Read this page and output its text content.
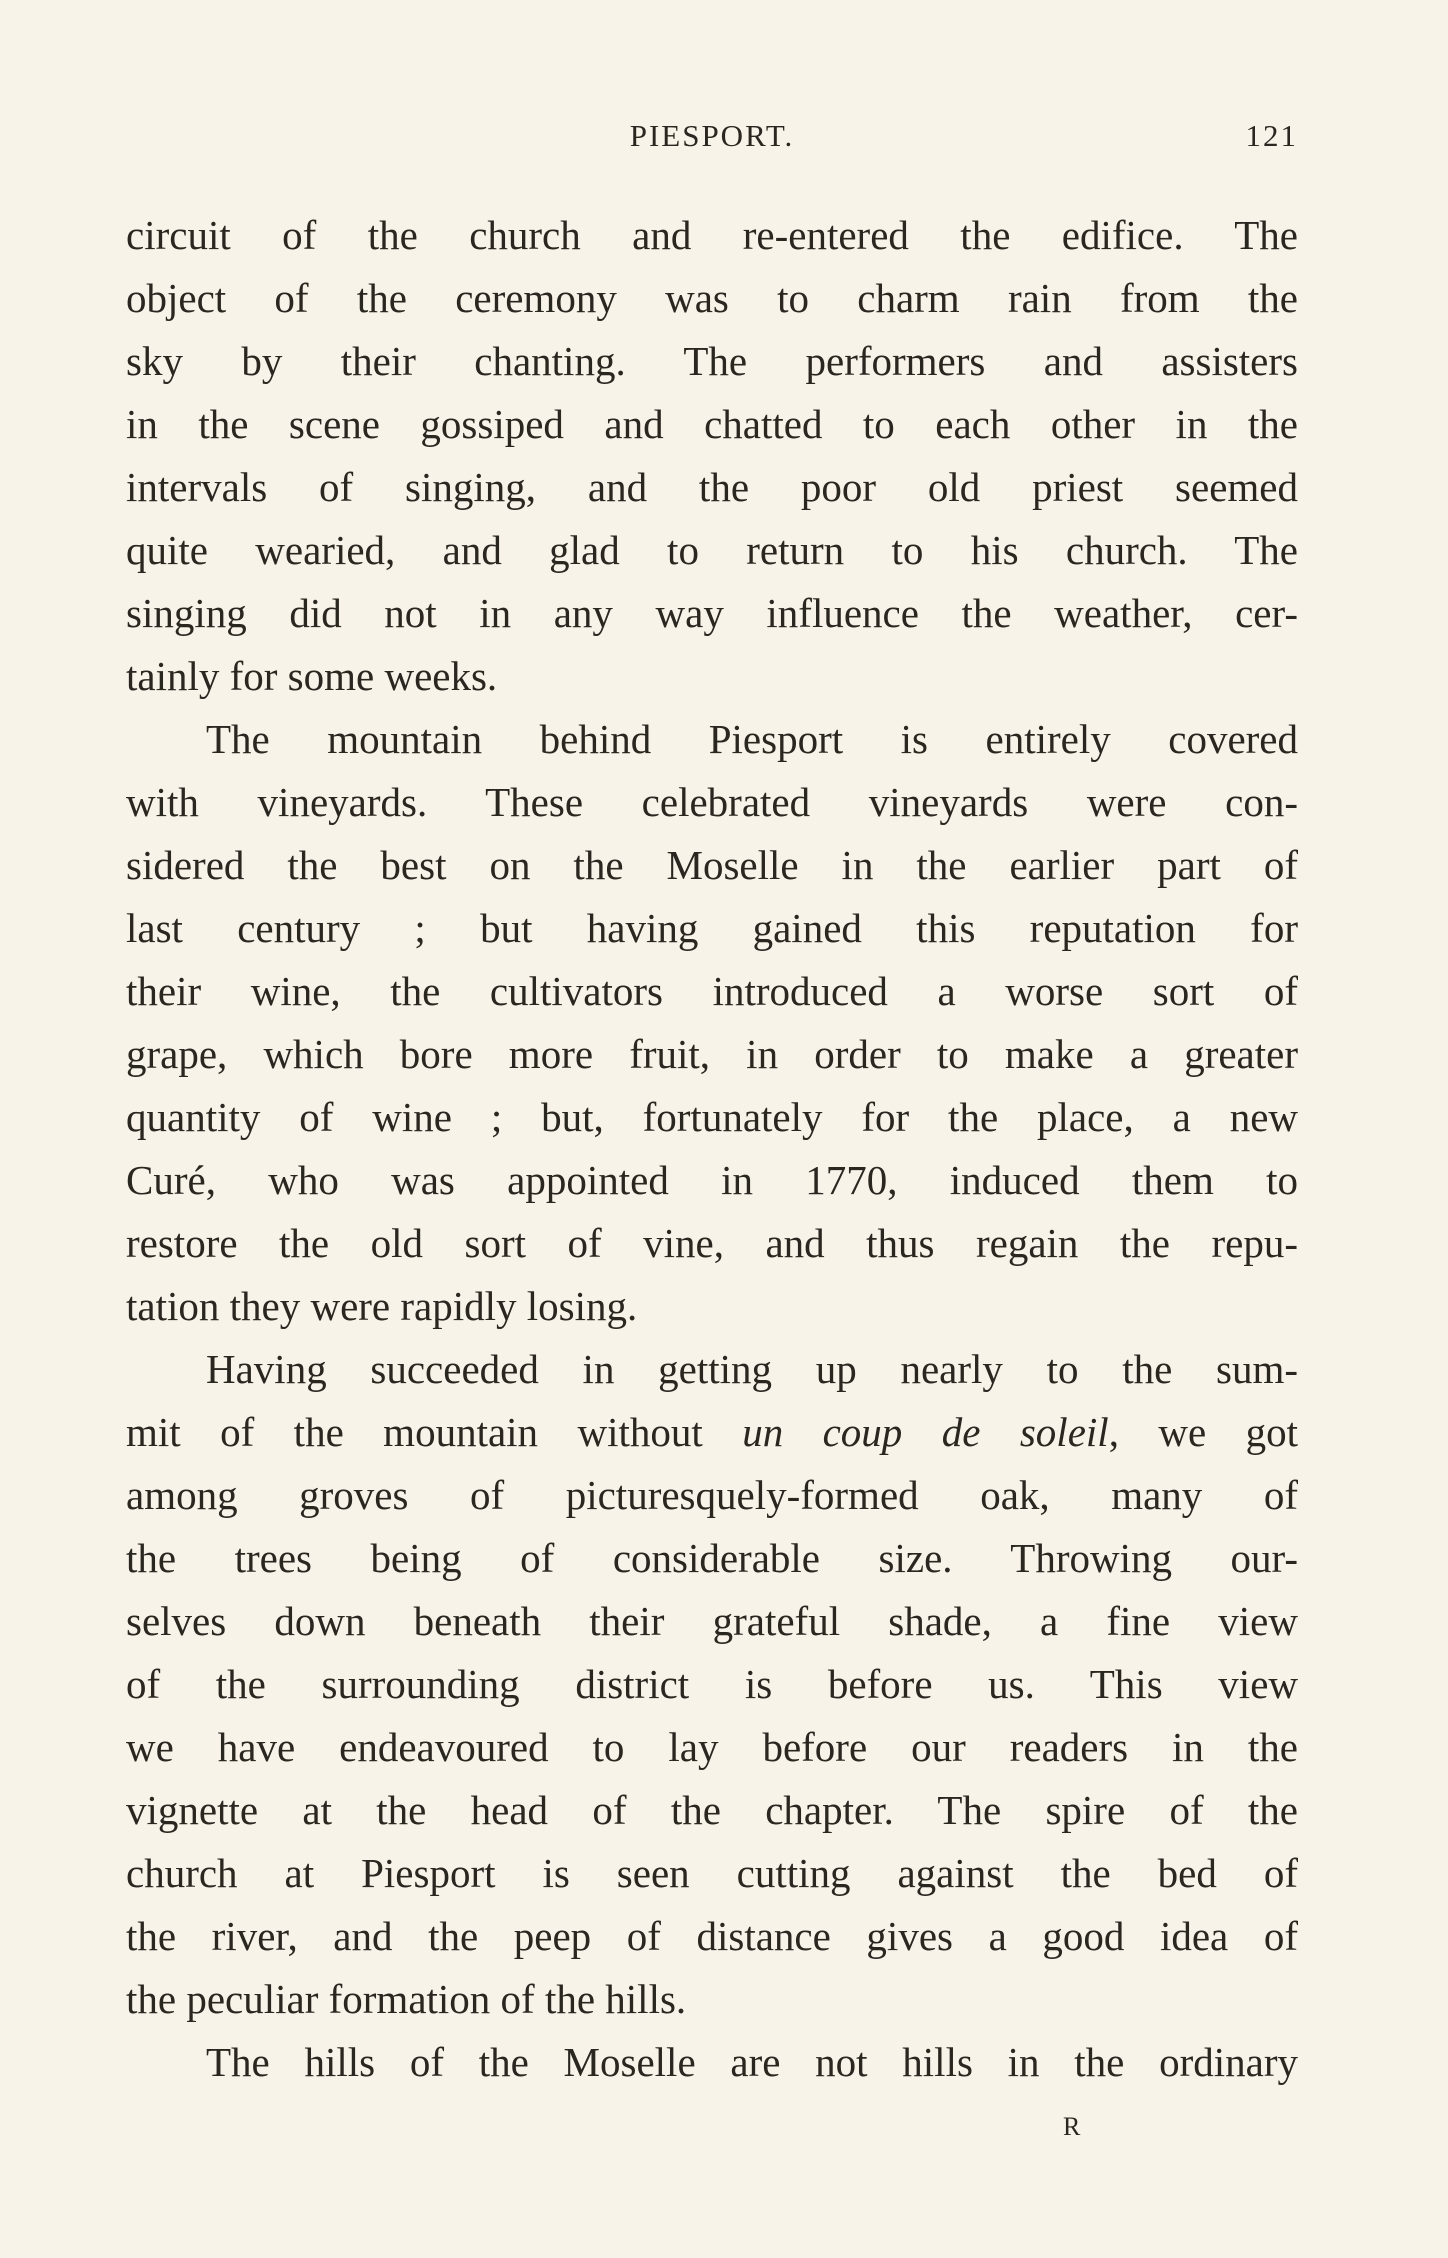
PIESPORT.	121
circuit of the church and re-entered the edifice. The
object of the ceremony was to charm rain from the
sky by their chanting. The performers and assisters
in the scene gossiped and chatted to each other in the
intervals of singing, and the poor old priest seemed
quite wearied, and glad to return to his church. The
singing did not in any way influence the weather, cer-
tainly for some weeks.
The mountain behind Piesport is entirely covered
with vineyards. These celebrated vineyards were con-
sidered the best on the Moselle in the earlier part of
last century ; but having gained this reputation for
their wine, the cultivators introduced a worse sort of
grape, which bore more fruit, in order to make a greater
quantity of wine ; but, fortunately for the place, a new
Curé, who was appointed in 1770, induced them to
restore the old sort of vine, and thus regain the repu-
tation they were rapidly losing.
Having succeeded in getting up nearly to the sum-
mit of the mountain without un coup de soleil, we got
among groves of picturesquely-formed oak, many of
the trees being of considerable size. Throwing our-
selves down beneath their grateful shade, a fine view
of the surrounding district is before us. This view
we have endeavoured to lay before our readers in the
vignette at the head of the chapter. The spire of the
church at Piesport is seen cutting against the bed of
the river, and the peep of distance gives a good idea of
the peculiar formation of the hills.
The hills of the Moselle are not hills in the ordinary
R
